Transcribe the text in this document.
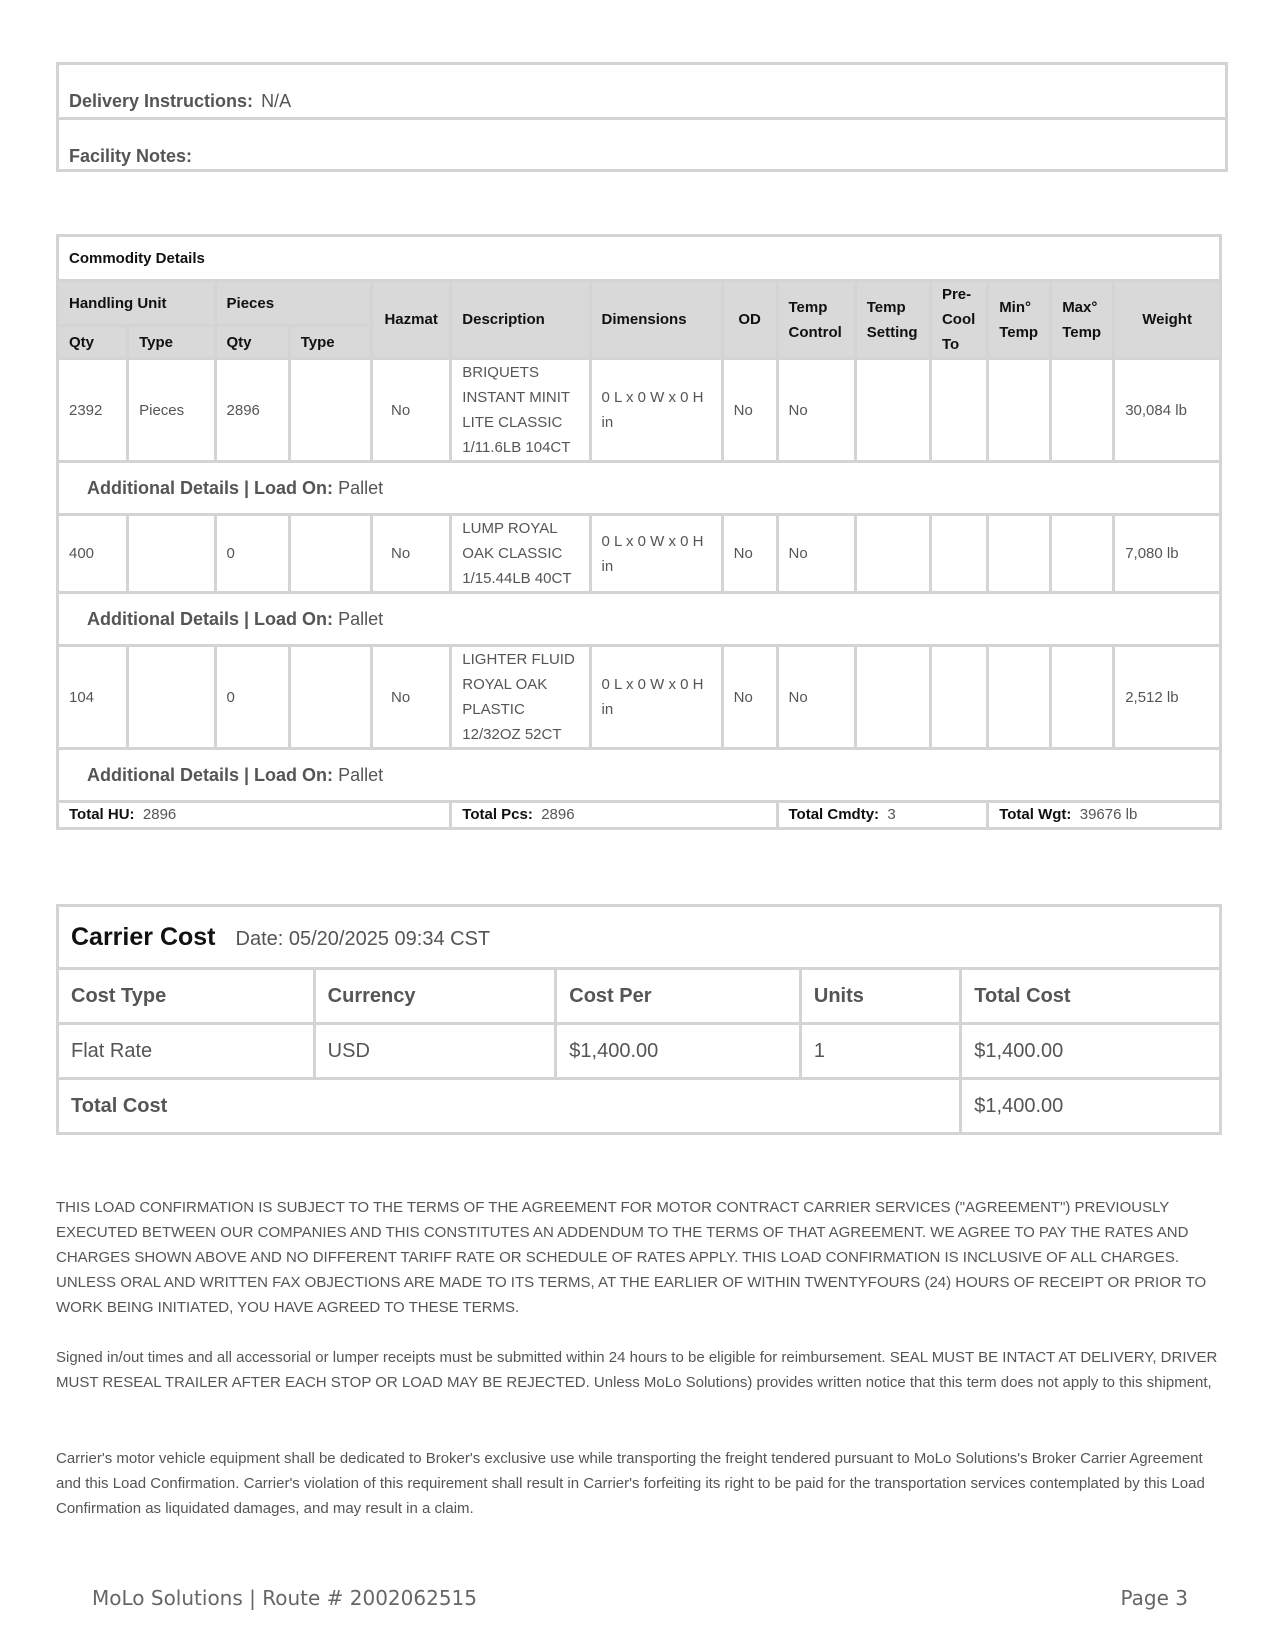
Delivery Instructions: N/A
Facility Notes:
Commodity Details													
Handling Unit		Pieces		Hazmat	Description	Dimensions	OD	Temp Control	Temp Setting	Pre-Cool To	Min° Temp	Max° Temp	Weight
Qty	Type	Qty	Type										
2392	Pieces	2896		No	BRIQUETS INSTANT MINIT LITE CLASSIC 1/11.6LB 104CT	0 L x 0 W x 0 H in	No	No					30,084 lb
Additional Details | Load On: Pallet													
400		0		No	LUMP ROYAL OAK CLASSIC 1/15.44LB 40CT	0 L x 0 W x 0 H in	No	No					7,080 lb
Additional Details | Load On: Pallet													
104		0		No	LIGHTER FLUID ROYAL OAK PLASTIC 12/32OZ 52CT	0 L x 0 W x 0 H in	No	No					2,512 lb
Additional Details | Load On: Pallet													
Total HU: 2896					Total Pcs: 2896			Total Cmdty: 3			Total Wgt: 39676 lb		
Carrier Cost Date: 05/20/2025 09:34 CST				
Cost Type	Currency	Cost Per	Units	Total Cost
Flat Rate	USD	$1,400.00	1	$1,400.00
Total Cost				$1,400.00

THIS LOAD CONFIRMATION IS SUBJECT TO THE TERMS OF THE AGREEMENT FOR MOTOR CONTRACT CARRIER SERVICES ("AGREEMENT") PREVIOUSLY EXECUTED BETWEEN OUR COMPANIES AND THIS CONSTITUTES AN ADDENDUM TO THE TERMS OF THAT AGREEMENT. WE AGREE TO PAY THE RATES AND CHARGES SHOWN ABOVE AND NO DIFFERENT TARIFF RATE OR SCHEDULE OF RATES APPLY. THIS LOAD CONFIRMATION IS INCLUSIVE OF ALL CHARGES. UNLESS ORAL AND WRITTEN FAX OBJECTIONS ARE MADE TO ITS TERMS, AT THE EARLIER OF WITHIN TWENTYFOURS (24) HOURS OF RECEIPT OR PRIOR TO WORK BEING INITIATED, YOU HAVE AGREED TO THESE TERMS.

Signed in/out times and all accessorial or lumper receipts must be submitted within 24 hours to be eligible for reimbursement. SEAL MUST BE INTACT AT DELIVERY, DRIVER MUST RESEAL TRAILER AFTER EACH STOP OR LOAD MAY BE REJECTED. Unless MoLo Solutions) provides written notice that this term does not apply to this shipment,

Carrier's motor vehicle equipment shall be dedicated to Broker's exclusive use while transporting the freight tendered pursuant to MoLo Solutions's Broker Carrier Agreement and this Load Confirmation. Carrier's violation of this requirement shall result in Carrier's forfeiting its right to be paid for the transportation services contemplated by this Load Confirmation as liquidated damages, and may result in a claim.

MoLo Solutions | Route # 2002062515	Page 3
